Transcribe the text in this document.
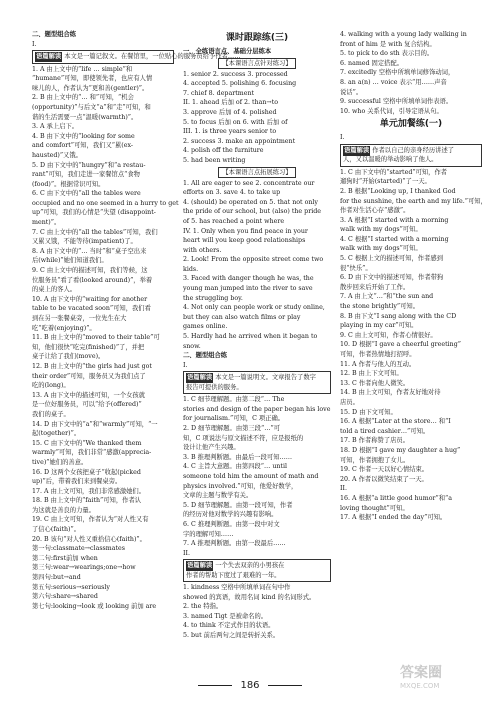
二、题型组合练
I.
语篇解读 本文是一篇记叙文。在餐馆里，一位贴心的服务员给予作者……
1. A 由上文中的“life … simple”和
“humane”可知，即使领先者，也应有人情
味儿的人，作者认为“更和善(gentler)”。
2. B 由上文中的“… 和”可知，“机会
(opportunity)”与后文“a”和“走”可知，和
谐的生活需要一点“温暖(warmth)”。
3. A 承上启下。
4. B 由下文中的“looking for some
and comfort”可知，我们又“累(ex-
hausted)”又饿。
5. D 由下文中的“hungry”和“a restau-
rant”可知，我们走进一家餐馆点“食物
(food)”。根据常识可知。
6. C 由下文中的“all the tables were
occupied and no one seemed in a hurry to get
up”可知，我们的心情是“失望 (disappoint-
ment)”。
7. C 由上文中的“all the tables”可知，我们
又累又饿，不能等待(impatient)了。
8. A 由下文中的“… 当时”和“桌子空出来
后(while)”她们知道我们。
9. C 由上文中的描述可知，我们等候，这
位服务员“看了看(looked around)”，举着
的桌上的客人。
10. A 由下文中的“waiting for another
table to be vacated soon”可知，我们看
到在另一张餐桌旁，一位先生在大
吃“吃着(enjoying)”。
11. B 由上文中的“moved to their table”可
知，他们很快“吃完(finished)”了，并把
桌子让给了我们(move)。
12. B 由上文中的“the girls had just got
their order”可知，服务员又为我们点了
吃的(long)。
13. A 由下文中的描述可知，一个女孩就
是一位好服务员，可以“给予(offered)”
我们的桌子。
14. D 由下文中的“a”和“warmly”可知，“一
起(together)”。
15. C 由下文中的“We thanked them
warmly”可知，我们非常“感激(apprecia-
tive)”她们的善意。
16. D 这两个女孩把桌子“收起(picked
up)”后，带着我们来到餐桌旁。
17. A 由上文可知，我们非常感激她们。
18. B 由上文中的“faith”可知，作者认
为这就是善良的力量。
19. C 由上文可知，作者认为“对人性又有
了信心(faith)”。
20. B 该句“对人性又重拾信心(faith)”。
第一句:classmate→classmates
第二句:first前加 when
第三句:wear→wearings;one→how
第四句:but→and
第五句:serious→seriously
第六句:share→shared
第七句:looking→look 或 looking 前加 are
课时跟踪练(三)
一、全练语言点、基础分层练本
【本课语言点针对练习】
1. senior 2. success 3. processed
4. accepted 5. polishing 6. focusing
7. chief 8. department
II. 1. ahead 后加 of 2. than→to
3. approve 后加 of 4. polished
5. to focus 后加 on 6. with 后加 of
III. 1. is three years senior to
2. success 3. make an appointment
4. polish off the furniture
5. had been writing
【本课语言点拓展练习】
1. All are eager to see 2. concentrate our
efforts on 3. save 4. to take up
4. (should) be operated on 5. that not only
the pride of our school, but (also) the pride
of 5. has reached a point where
IV. 1. Only when you find peace in your
heart will you keep good relationships
with others.
2. Look! From the opposite street come two
kids.
3. Faced with danger though he was, the
young man jumped into the river to save
the struggling boy.
4. Not only can people work or study online,
but they can also watch films or play
games online.
5. Hardly had he arrived when it began to
snow.
二、题型组合练
I.
语篇解读 本文是一篇说明文。文章报告了数字
报告可提供的服务。
1. C 细节理解题。由第二段“… The
stories and design of the paper began his love
for journalism.”可知，C 项正确。
2. D 细节理解题。由第三段“…”可
知，C 项说法与原文描述不符，应是报纸的
设计让他产生兴趣。
3. B 推理判断题。由最后一段可知……
4. C 主旨大意题。由第四段“… until
someone told him the amount of math and
physics involved.”可知，他爱好数学，
文章的主题与数学有关。
5. D 细节理解题。由第一段可知，作者
的经历对他对数学的兴趣有影响。
6. C 推理判断题。由第一段中对文
字的理解可知……
7. A 推理判断题。由第一段最后……
II.
语篇解读 一个失去双亲的小男孩在
作者的帮助下度过了艰难的一年。
1. kindness 空格中所填单词在句中作
showed 的宾语，故用名词 kind 的名词形式。
2. the 特指。
3. named Tigt 是被命名的。
4. to think 不定式作目的状语。
5. but 前后两句之间是转折关系。
4. walking with a young lady walking in
front of him 是 with 复合结构。
5. to pick to do sth 表示目的。
6. named 固定搭配。
7. excitedly 空格中所填单词修饰动词，
8. an a(n) … voice 表示“用……声音
说话”。
9. successful 空格中所填单词作表语。
10. who 关系代词，引导定语从句。
单元加餐练(一)
I.
语篇解读 作者以自己的亲身经历讲述了
人，又以温暖的举动影响了他人。
1. C 由下文中的“started”可知，作者
遛狗时“开始(started)”了一天。
2. B 根据“Looking up, I thanked God
for the sunshine, the earth and my life.”可知，
作者对生活心存“感激”。
3. A 根据“I started with a morning
walk with my dogs”可知。
4. C 根据“I started with a morning
walk with my dogs”可知。
5. C 根据上文的描述可知，作者感到
很“快乐”。
6. D 由下文中的描述可知，作者带狗
散步回来后开始了工作。
7. A 由上文“…”和“the sun and
the stone brightly”可知。
8. B 由下文“I sang along with the CD
playing in my car”可知。
9. C 由上文可知，作者心情很好。
10. D 根据“I gave a cheerful greeting”
可知，作者热情地打招呼。
11. A 作者与他人的互动。
12. B 由上下文可知。
13. C 作者向他人微笑。
14. B 由上文可知，作者友好地对待
店员。
15. D 由下文可知。
16. A 根据“Later at the store… 和“I
told a tired cashier…”可知。
17. B 作者称赞了店员。
18. D 根据“I gave my daughter a hug”
可知，作者拥抱了女儿。
19. C 作者一天以好心情结束。
20. A 作者以微笑结束了一天。
II.
16. A 根据“a little good humor”和“a
loving thought”可知。
17. A 根据“I ended the day”可知。
186
答案圈
MXQE.COM
